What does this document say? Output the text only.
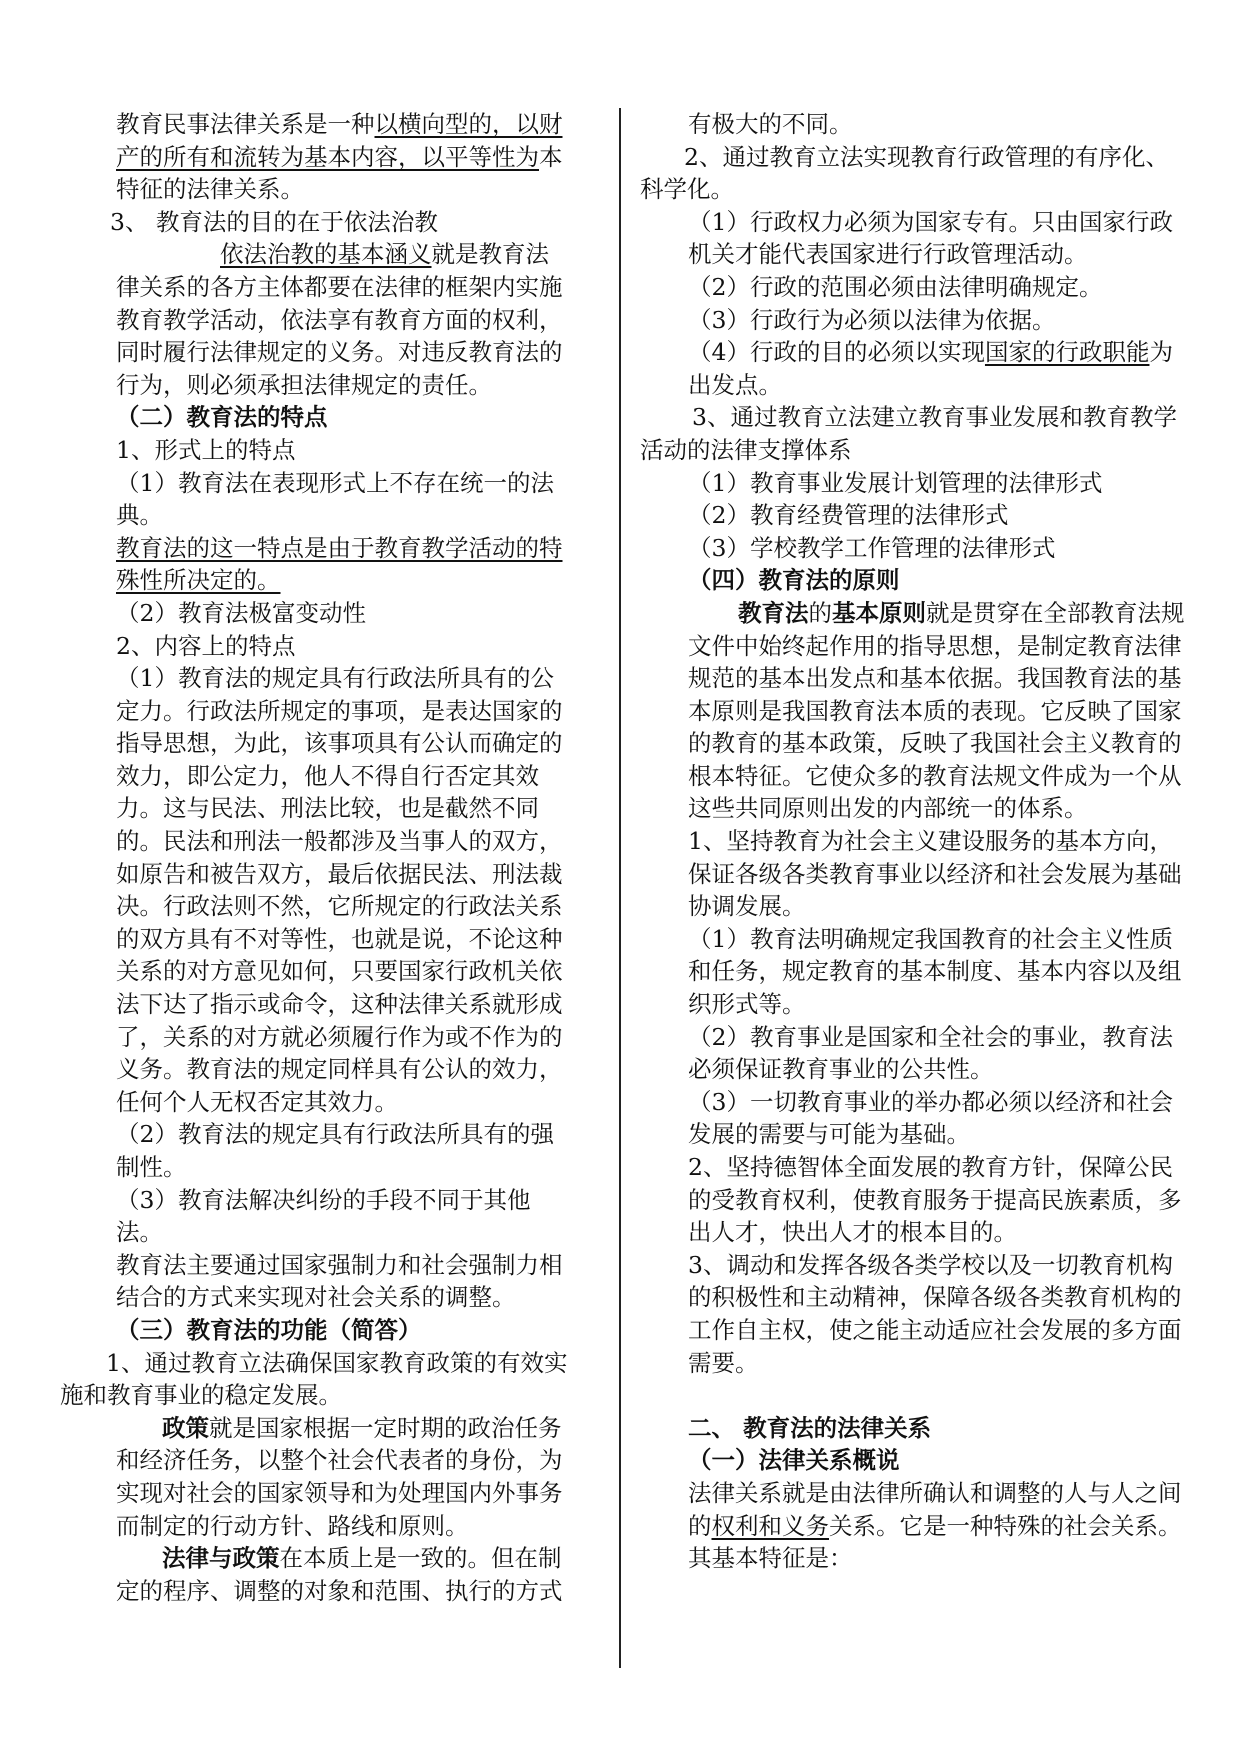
教育民事法律关系是一种以横向型的，以财产的所有和流转为基本内容，以平等性为本特征的法律关系。

3、 教育法的目的在于依法治教

依法治教的基本涵义就是教育法律关系的各方主体都要在法律的框架内实施教育教学活动，依法享有教育方面的权利，同时履行法律规定的义务。对违反教育法的行为，则必须承担法律规定的责任。

（二）教育法的特点

1、形式上的特点

（1）教育法在表现形式上不存在统一的法典。

教育法的这一特点是由于教育教学活动的特殊性所决定的。

（2）教育法极富变动性

2、内容上的特点

（1）教育法的规定具有行政法所具有的公定力。行政法所规定的事项，是表达国家的指导思想，为此，该事项具有公认而确定的效力，即公定力，他人不得自行否定其效力。这与民法、刑法比较，也是截然不同的。民法和刑法一般都涉及当事人的双方，如原告和被告双方，最后依据民法、刑法裁决。行政法则不然，它所规定的行政法关系的双方具有不对等性，也就是说，不论这种关系的对方意见如何，只要国家行政机关依法下达了指示或命令，这种法律关系就形成了，关系的对方就必须履行作为或不作为的义务。教育法的规定同样具有公认的效力，任何个人无权否定其效力。

（2）教育法的规定具有行政法所具有的强制性。

（3）教育法解决纠纷的手段不同于其他法。

教育法主要通过国家强制力和社会强制力相结合的方式来实现对社会关系的调整。

（三）教育法的功能（简答）

1、通过教育立法确保国家教育政策的有效实施和教育事业的稳定发展。

政策就是国家根据一定时期的政治任务和经济任务，以整个社会代表者的身份，为实现对社会的国家领导和为处理国内外事务而制定的行动方针、路线和原则。

法律与政策在本质上是一致的。但在制定的程序、调整的对象和范围、执行的方式

有极大的不同。

2、通过教育立法实现教育行政管理的有序化、科学化。

（1）行政权力必须为国家专有。只由国家行政机关才能代表国家进行行政管理活动。

（2）行政的范围必须由法律明确规定。

（3）行政行为必须以法律为依据。

（4）行政的目的必须以实现国家的行政职能为出发点。

3、通过教育立法建立教育事业发展和教育教学活动的法律支撑体系

（1）教育事业发展计划管理的法律形式

（2）教育经费管理的法律形式

（3）学校教学工作管理的法律形式

（四）教育法的原则

教育法的基本原则就是贯穿在全部教育法规文件中始终起作用的指导思想，是制定教育法律规范的基本出发点和基本依据。我国教育法的基本原则是我国教育法本质的表现。它反映了国家的教育的基本政策，反映了我国社会主义教育的根本特征。它使众多的教育法规文件成为一个从这些共同原则出发的内部统一的体系。

1、坚持教育为社会主义建设服务的基本方向，保证各级各类教育事业以经济和社会发展为基础协调发展。

（1）教育法明确规定我国教育的社会主义性质和任务，规定教育的基本制度、基本内容以及组织形式等。

（2）教育事业是国家和全社会的事业，教育法必须保证教育事业的公共性。

（3）一切教育事业的举办都必须以经济和社会发展的需要与可能为基础。

2、坚持德智体全面发展的教育方针，保障公民的受教育权利，使教育服务于提高民族素质，多出人才，快出人才的根本目的。

3、调动和发挥各级各类学校以及一切教育机构的积极性和主动精神，保障各级各类教育机构的工作自主权，使之能主动适应社会发展的多方面需要。

二、 教育法的法律关系

（一）法律关系概说

法律关系就是由法律所确认和调整的人与人之间的权利和义务关系。它是一种特殊的社会关系。

其基本特征是：
